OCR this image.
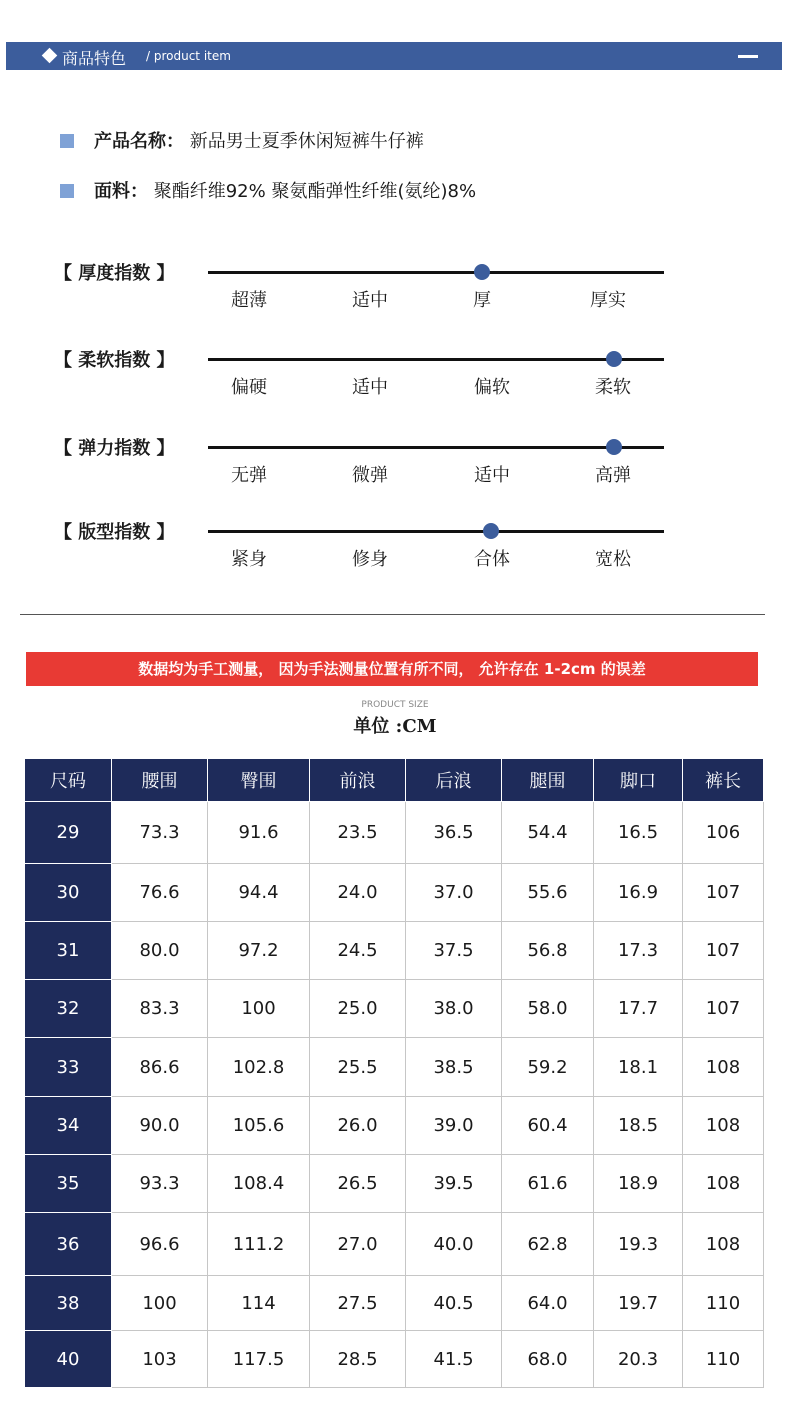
商品特色 / product item
产品名称： 新品男士夏季休闲短裤牛仔裤
面料： 聚酯纤维92% 聚氨酯弹性纤维(氨纶)8%
【 厚度指数 】
超薄	适中	厚	厚实
【 柔软指数 】
偏硬	适中	偏软	柔软
【 弹力指数 】
无弹	微弹	适中	高弹
【 版型指数 】
紧身	修身	合体	宽松
数据均为手工测量， 因为手法测量位置有所不同， 允许存在 1-2cm 的误差
PRODUCT SIZE
单位 :CM
尺码	腰围	臀围	前浪	后浪	腿围	脚口	裤长
29	73.3	91.6	23.5	36.5	54.4	16.5	106
30	76.6	94.4	24.0	37.0	55.6	16.9	107
31	80.0	97.2	24.5	37.5	56.8	17.3	107
32	83.3	100	25.0	38.0	58.0	17.7	107
33	86.6	102.8	25.5	38.5	59.2	18.1	108
34	90.0	105.6	26.0	39.0	60.4	18.5	108
35	93.3	108.4	26.5	39.5	61.6	18.9	108
36	96.6	111.2	27.0	40.0	62.8	19.3	108
38	100	114	27.5	40.5	64.0	19.7	110
40	103	117.5	28.5	41.5	68.0	20.3	110
